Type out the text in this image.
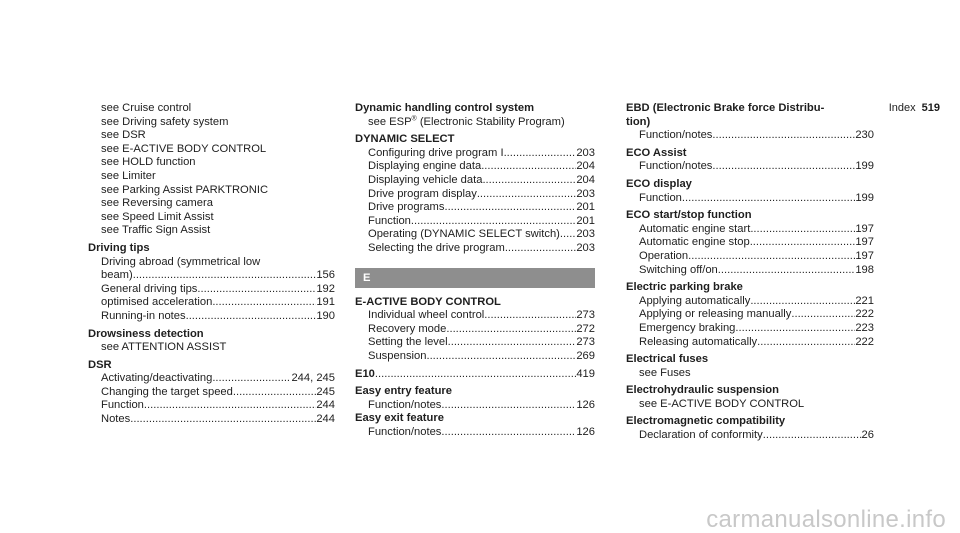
Index 519
see Cruise control
see Driving safety system
see DSR
see E-ACTIVE BODY CONTROL
see HOLD function
see Limiter
see Parking Assist PARKTRONIC
see Reversing camera
see Speed Limit Assist
see Traffic Sign Assist
Driving tips
Driving abroad (symmetrical low
beam) .....	156
General driving tips .....	192
optimised acceleration .....	191
Running-in notes .....	190
Drowsiness detection
see ATTENTION ASSIST
DSR
Activating/deactivating .....	244, 245
Changing the target speed .....	245
Function .....	244
Notes .....	244
Dynamic handling control system
see ESP® (Electronic Stability Program)
DYNAMIC SELECT
Configuring drive program I .....	203
Displaying engine data .....	204
Displaying vehicle data .....	204
Drive program display .....	203
Drive programs .....	201
Function .....	201
Operating (DYNAMIC SELECT switch) ..... 203
Selecting the drive program .....	203
E
E-ACTIVE BODY CONTROL
Individual wheel control .....	273
Recovery mode .....	272
Setting the level .....	273
Suspension .....	269
E10 .....	419
Easy entry feature
Function/notes .....	126
Easy exit feature
Function/notes .....	126
EBD (Electronic Brake force Distribu-
tion)
Function/notes .....	230
ECO Assist
Function/notes .....	199
ECO display
Function .....	199
ECO start/stop function
Automatic engine start .....	197
Automatic engine stop .....	197
Operation .....	197
Switching off/on .....	198
Electric parking brake
Applying automatically .....	221
Applying or releasing manually .....	222
Emergency braking .....	223
Releasing automatically .....	222
Electrical fuses
see Fuses
Electrohydraulic suspension
see E-ACTIVE BODY CONTROL
Electromagnetic compatibility
Declaration of conformity .....	26
carmanualsonline.info
